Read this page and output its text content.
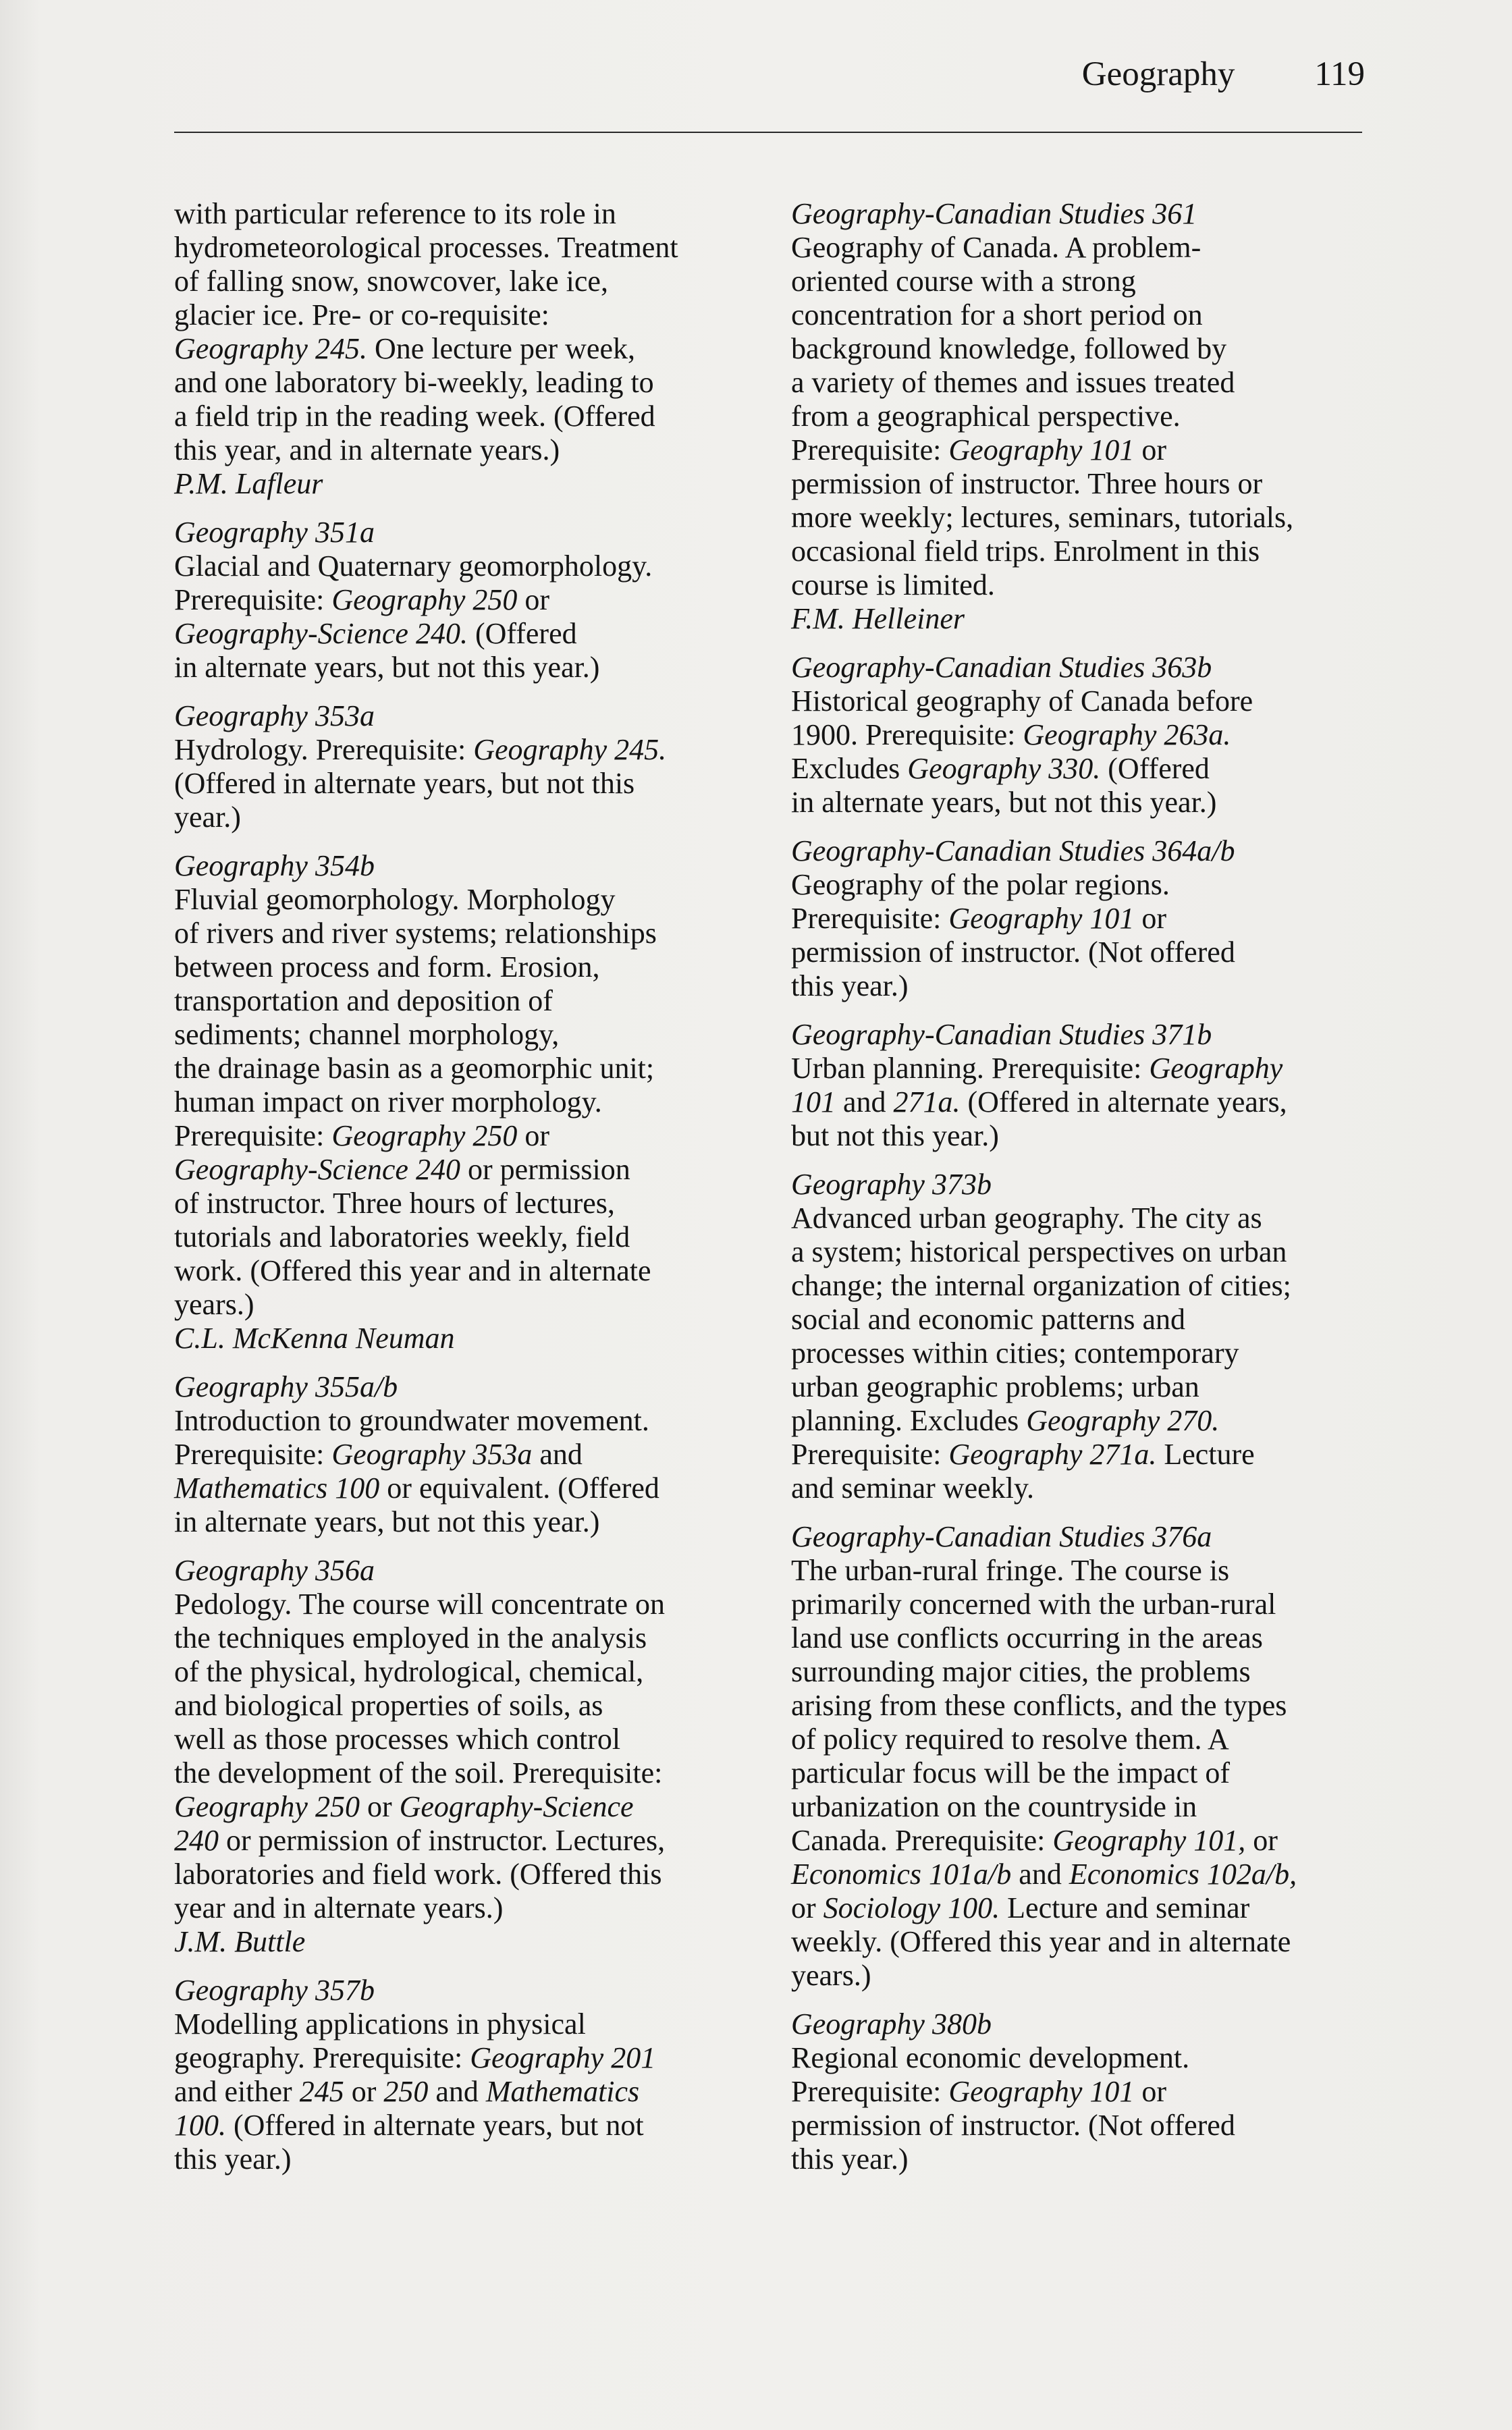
Geography 119
with particular reference to its role in
hydrometeorological processes. Treatment
of falling snow, snowcover, lake ice,
glacier ice. Pre- or co-requisite:
Geography 245. One lecture per week,
and one laboratory bi-weekly, leading to
a field trip in the reading week. (Offered
this year, and in alternate years.)
P.M. Lafleur
Geography 351a
Glacial and Quaternary geomorphology.
Prerequisite: Geography 250 or
Geography-Science 240. (Offered
in alternate years, but not this year.)
Geography 353a
Hydrology. Prerequisite: Geography 245.
(Offered in alternate years, but not this
year.)
Geography 354b
Fluvial geomorphology. Morphology
of rivers and river systems; relationships
between process and form. Erosion,
transportation and deposition of
sediments; channel morphology,
the drainage basin as a geomorphic unit;
human impact on river morphology.
Prerequisite: Geography 250 or
Geography-Science 240 or permission
of instructor. Three hours of lectures,
tutorials and laboratories weekly, field
work. (Offered this year and in alternate
years.)
C.L. McKenna Neuman
Geography 355a/b
Introduction to groundwater movement.
Prerequisite: Geography 353a and
Mathematics 100 or equivalent. (Offered
in alternate years, but not this year.)
Geography 356a
Pedology. The course will concentrate on
the techniques employed in the analysis
of the physical, hydrological, chemical,
and biological properties of soils, as
well as those processes which control
the development of the soil. Prerequisite:
Geography 250 or Geography-Science
240 or permission of instructor. Lectures,
laboratories and field work. (Offered this
year and in alternate years.)
J.M. Buttle
Geography 357b
Modelling applications in physical
geography. Prerequisite: Geography 201
and either 245 or 250 and Mathematics
100. (Offered in alternate years, but not
this year.)
Geography-Canadian Studies 361
Geography of Canada. A problem-
oriented course with a strong
concentration for a short period on
background knowledge, followed by
a variety of themes and issues treated
from a geographical perspective.
Prerequisite: Geography 101 or
permission of instructor. Three hours or
more weekly; lectures, seminars, tutorials,
occasional field trips. Enrolment in this
course is limited.
F.M. Helleiner
Geography-Canadian Studies 363b
Historical geography of Canada before
1900. Prerequisite: Geography 263a.
Excludes Geography 330. (Offered
in alternate years, but not this year.)
Geography-Canadian Studies 364a/b
Geography of the polar regions.
Prerequisite: Geography 101 or
permission of instructor. (Not offered
this year.)
Geography-Canadian Studies 371b
Urban planning. Prerequisite: Geography
101 and 271a. (Offered in alternate years,
but not this year.)
Geography 373b
Advanced urban geography. The city as
a system; historical perspectives on urban
change; the internal organization of cities;
social and economic patterns and
processes within cities; contemporary
urban geographic problems; urban
planning. Excludes Geography 270.
Prerequisite: Geography 271a. Lecture
and seminar weekly.
Geography-Canadian Studies 376a
The urban-rural fringe. The course is
primarily concerned with the urban-rural
land use conflicts occurring in the areas
surrounding major cities, the problems
arising from these conflicts, and the types
of policy required to resolve them. A
particular focus will be the impact of
urbanization on the countryside in
Canada. Prerequisite: Geography 101, or
Economics 101a/b and Economics 102a/b,
or Sociology 100. Lecture and seminar
weekly. (Offered this year and in alternate
years.)
Geography 380b
Regional economic development.
Prerequisite: Geography 101 or
permission of instructor. (Not offered
this year.)
